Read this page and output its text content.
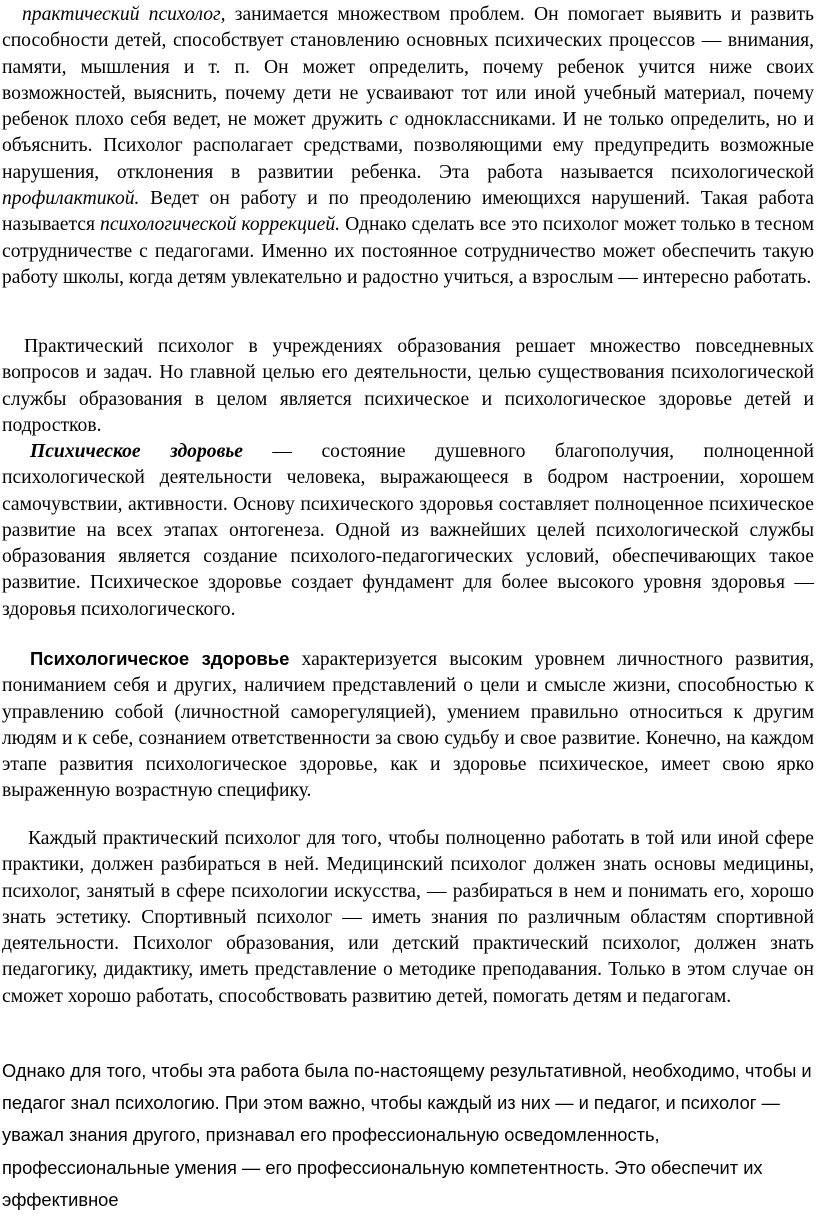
практический психолог, занимается множеством проблем. Он помогает выявить и развить способности детей, способствует становлению основных психических процессов — внимания, памяти, мышления и т. п. Он может определить, почему ребенок учится ниже своих возможностей, выяснить, почему дети не усваивают тот или иной учебный материал, почему ребенок плохо себя ведет, не может дружить с одноклассниками. И не только определить, но и объяснить. Психолог располагает средствами, позволяющими ему предупредить возможные нарушения, отклонения в развитии ребенка. Эта работа называется психологической профилактикой. Ведет он работу и по преодолению имеющихся нарушений. Такая работа называется психологической коррекцией. Однако сделать все это психолог может только в тесном сотрудничестве с педагогами. Именно их постоянное сотрудничество может обеспечить такую работу школы, когда детям увлекательно и радостно учиться, а взрослым — интересно работать.

Практический психолог в учреждениях образования решает множество повседневных вопросов и задач. Но главной целью его деятельности, целью существования психологической службы образования в целом является психическое и психологическое здоровье детей и подростков.

Психическое здоровье — состояние душевного благополучия, полноценной психологической деятельности человека, выражающееся в бодром настроении, хорошем самочувствии, активности. Основу психического здоровья составляет полноценное психическое развитие на всех этапах онтогенеза. Одной из важнейших целей психологической службы образования является создание психолого-педагогических условий, обеспечивающих такое развитие. Психическое здоровье создает фундамент для более высокого уровня здоровья — здоровья психологического.

Психологическое здоровье характеризуется высоким уровнем личностного развития, пониманием себя и других, наличием представлений о цели и смысле жизни, способностью к управлению собой (личностной саморегуляцией), умением правильно относиться к другим людям и к себе, сознанием ответственности за свою судьбу и свое развитие. Конечно, на каждом этапе развития психологическое здоровье, как и здоровье психическое, имеет свою ярко выраженную возрастную специфику.

Каждый практический психолог для того, чтобы полноценно работать в той или иной сфере практики, должен разбираться в ней. Медицинский психолог должен знать основы медицины, психолог, занятый в сфере психологии искусства, — разбираться в нем и понимать его, хорошо знать эстетику. Спортивный психолог — иметь знания по различным областям спортивной деятельности. Психолог образования, или детский практический психолог, должен знать педагогику, дидактику, иметь представление о методике преподавания. Только в этом случае он сможет хорошо работать, способствовать развитию детей, помогать детям и педагогам.

Однако для того, чтобы эта работа была по-настоящему результативной, необходимо, чтобы и педагог знал психологию. При этом важно, чтобы каждый из них — и педагог, и психолог — уважал знания другого, признавал его профессиональную осведомленность, профессиональные умения — его профессиональную компетентность. Это обеспечит их эффективное
